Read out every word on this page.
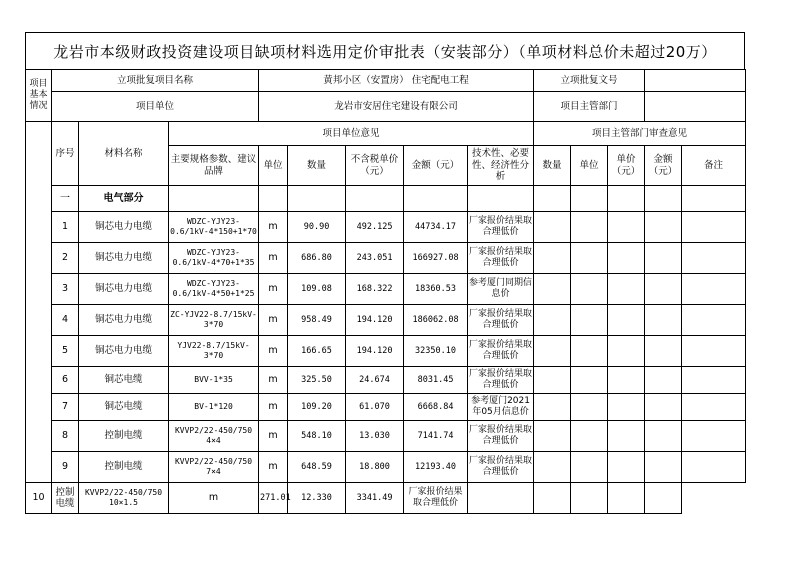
龙岩市本级财政投资建设项目缺项材料选用定价审批表（安装部分）（单项材料总价未超过20万）
项目基本情况	立项批复项目名称			黄邦小区（安置房） 住宅配电工程					立项批复文号				
	项目单位			龙岩市安居住宅建设有限公司					项目主管部门				
	序号	材料名称	项目单位意见						项目主管部门审查意见				
			主要规格参数、建议品牌	单位	数量	不含税单价（元）	金额（元）	技术性、必要性、经济性分析	数量	单位	单价（元）	金额（元）	备注
	一	电气部分											
	1	铜芯电力电缆	WDZC-YJY23-0.6/1kV-4*150+1*70	m	90.90	492.125	44734.17	厂家报价结果取合理低价					
	2	铜芯电力电缆	WDZC-YJY23-0.6/1kV-4*70+1*35	m	686.80	243.051	166927.08	厂家报价结果取合理低价					
	3	铜芯电力电缆	WDZC-YJY23-0.6/1kV-4*50+1*25	m	109.08	168.322	18360.53	参考厦门同期信息价					
	4	铜芯电力电缆	ZC-YJV22-8.7/15kV-3*70	m	958.49	194.120	186062.08	厂家报价结果取合理低价					
	5	铜芯电力电缆	YJV22-8.7/15kV-3*70	m	166.65	194.120	32350.10	厂家报价结果取合理低价					
	6	铜芯电缆	BVV-1*35	m	325.50	24.674	8031.45	厂家报价结果取合理低价					
	7	铜芯电缆	BV-1*120	m	109.20	61.070	6668.84	参考厦门2021年05月信息价					
	8	控制电缆	KVVP2/22-450/750 4×4	m	548.10	13.030	7141.74	厂家报价结果取合理低价					
	9	控制电缆	KVVP2/22-450/750 7×4	m	648.59	18.800	12193.40	厂家报价结果取合理低价					
10	控制电缆	KVVP2/22-450/750 10×1.5	m	271.01	12.330	3341.49	厂家报价结果取合理低价						
